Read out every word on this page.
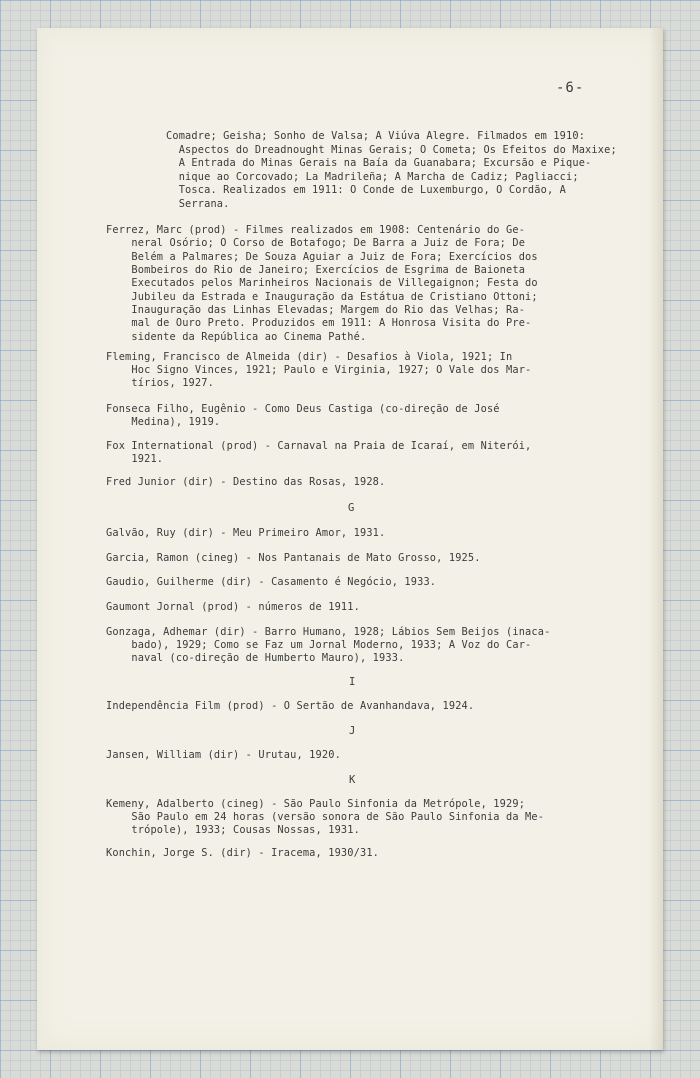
-6-
Comadre; Geisha; Sonho de Valsa; A Viúva Alegre. Filmados em 1910:
Aspectos do Dreadnought Minas Gerais; O Cometa; Os Efeitos do Maxixe;
A Entrada do Minas Gerais na Baía da Guanabara; Excursão e Pique-
nique ao Corcovado; La Madrileña; A Marcha de Cadiz; Pagliacci;
Tosca. Realizados em 1911: O Conde de Luxemburgo, O Cordão, A
Serrana.
Ferrez, Marc (prod) - Filmes realizados em 1908: Centenário do Ge-
neral Osório; O Corso de Botafogo; De Barra a Juiz de Fora; De
Belém a Palmares; De Souza Aguiar a Juiz de Fora; Exercícios dos
Bombeiros do Rio de Janeiro; Exercícios de Esgrima de Baioneta
Executados pelos Marinheiros Nacionais de Villegaignon; Festa do
Jubileu da Estrada e Inauguração da Estátua de Cristiano Ottoni;
Inauguração das Linhas Elevadas; Margem do Rio das Velhas; Ra-
mal de Ouro Preto. Produzidos em 1911: A Honrosa Visita do Pre-
sidente da República ao Cinema Pathé.
Fleming, Francisco de Almeida (dir) - Desafios à Viola, 1921; In
Hoc Signo Vinces, 1921; Paulo e Virginia, 1927; O Vale dos Mar-
tírios, 1927.
Fonseca Filho, Eugênio - Como Deus Castiga (co-direção de José
Medina), 1919.
Fox International (prod) - Carnaval na Praia de Icaraí, em Niterói,
1921.
Fred Junior (dir) - Destino das Rosas, 1928.
G
Galvão, Ruy (dir) - Meu Primeiro Amor, 1931.
Garcia, Ramon (cineg) - Nos Pantanais de Mato Grosso, 1925.
Gaudio, Guilherme (dir) - Casamento é Negócio, 1933.
Gaumont Jornal (prod) - números de 1911.
Gonzaga, Adhemar (dir) - Barro Humano, 1928; Lábios Sem Beijos (inaca-
bado), 1929; Como se Faz um Jornal Moderno, 1933; A Voz do Car-
naval (co-direção de Humberto Mauro), 1933.
I
Independência Film (prod) - O Sertão de Avanhandava, 1924.
J
Jansen, William (dir) - Urutau, 1920.
K
Kemeny, Adalberto (cineg) - São Paulo Sinfonia da Metrópole, 1929;
São Paulo em 24 horas (versão sonora de São Paulo Sinfonia da Me-
trópole), 1933; Cousas Nossas, 1931.
Konchin, Jorge S. (dir) - Iracema, 1930/31.
